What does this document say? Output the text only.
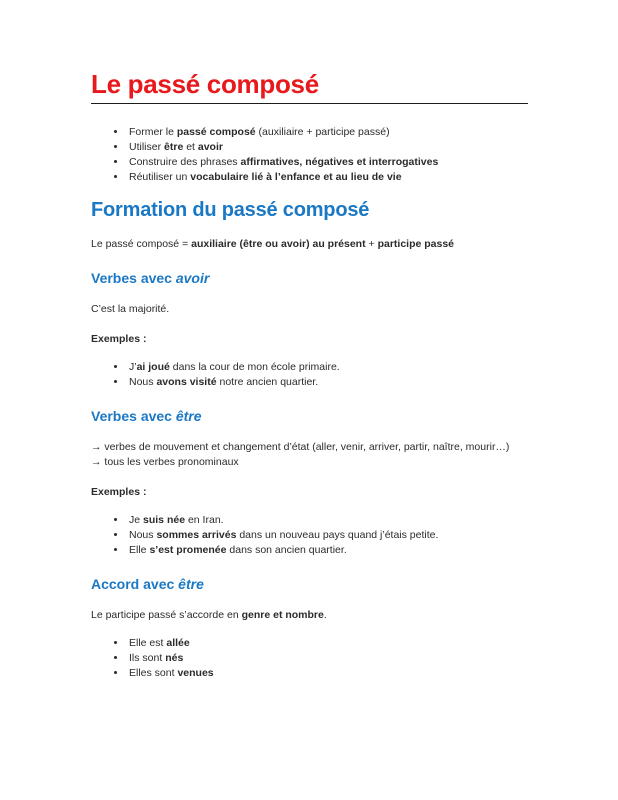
Le passé composé
• Former le passé composé (auxiliaire + participe passé)
• Utiliser être et avoir
• Construire des phrases affirmatives, négatives et interrogatives
• Réutiliser un vocabulaire lié à l’enfance et au lieu de vie
Formation du passé composé

Le passé composé = auxiliaire (être ou avoir) au présent + participe passé

Verbes avec avoir

C’est la majorité.

Exemples :

• J’ai joué dans la cour de mon école primaire.
• Nous avons visité notre ancien quartier.
Verbes avec être

→ verbes de mouvement et changement d’état (aller, venir, arriver, partir, naître, mourir…)

→ tous les verbes pronominaux

Exemples :

• Je suis née en Iran.
• Nous sommes arrivés dans un nouveau pays quand j’étais petite.
• Elle s’est promenée dans son ancien quartier.
Accord avec être

Le participe passé s’accorde en genre et nombre.

• Elle est allée
• Ils sont nés
• Elles sont venues
